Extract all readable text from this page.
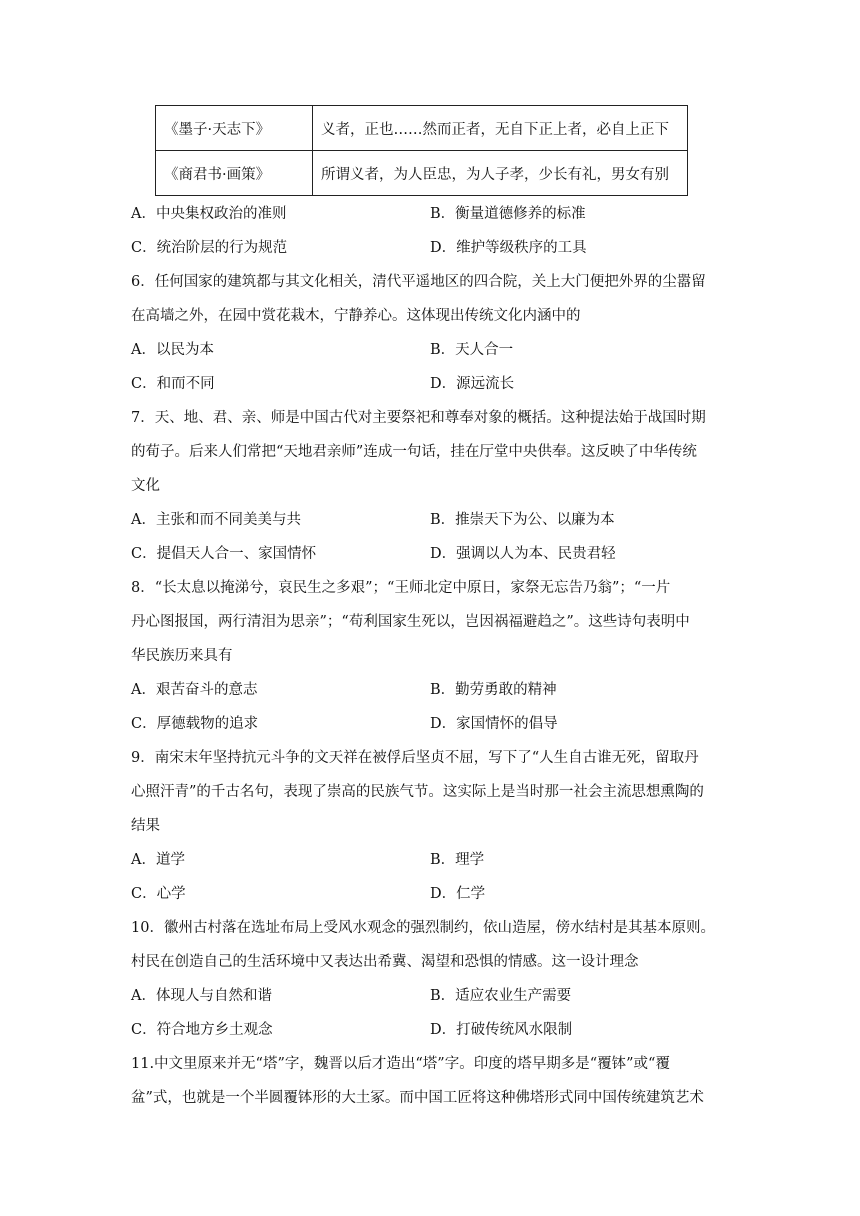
《墨子·天志下》	义者，正也……然而正者，无自下正上者，必自上正下
《商君书·画策》	所谓义者，为人臣忠，为人子孝，少长有礼，男女有别
A．中央集权政治的准则	B．衡量道德修养的标准
C．统治阶层的行为规范	D．维护等级秩序的工具
6．任何国家的建筑都与其文化相关，清代平遥地区的四合院，关上大门便把外界的尘嚣留
在高墙之外，在园中赏花栽木，宁静养心。这体现出传统文化内涵中的
A．以民为本	B．天人合一
C．和而不同	D．源远流长
7．天、地、君、亲、师是中国古代对主要祭祀和尊奉对象的概括。这种提法始于战国时期
的荀子。后来人们常把“天地君亲师”连成一句话，挂在厅堂中央供奉。这反映了中华传统
文化
A．主张和而不同美美与共	B．推崇天下为公、以廉为本
C．提倡天人合一、家国情怀	D．强调以人为本、民贵君轻
8．“长太息以掩涕兮，哀民生之多艰”；“王师北定中原日，家祭无忘告乃翁”；“一片
丹心图报国，两行清泪为思亲”；“苟利国家生死以，岂因祸福避趋之”。这些诗句表明中
华民族历来具有
A．艰苦奋斗的意志	B．勤劳勇敢的精神
C．厚德载物的追求	D．家国情怀的倡导
9．南宋末年坚持抗元斗争的文天祥在被俘后坚贞不屈，写下了“人生自古谁无死，留取丹
心照汗青”的千古名句，表现了崇高的民族气节。这实际上是当时那一社会主流思想熏陶的
结果
A．道学	B．理学
C．心学	D．仁学
10．徽州古村落在选址布局上受风水观念的强烈制约，依山造屋，傍水结村是其基本原则。
村民在创造自己的生活环境中又表达出希冀、渴望和恐惧的情感。这一设计理念
A．体现人与自然和谐	B．适应农业生产需要
C．符合地方乡土观念	D．打破传统风水限制
11.中文里原来并无“塔”字，魏晋以后才造出“塔”字。印度的塔早期多是“覆钵”或“覆
盆”式，也就是一个半圆覆钵形的大土冢。而中国工匠将这种佛塔形式同中国传统建筑艺术
